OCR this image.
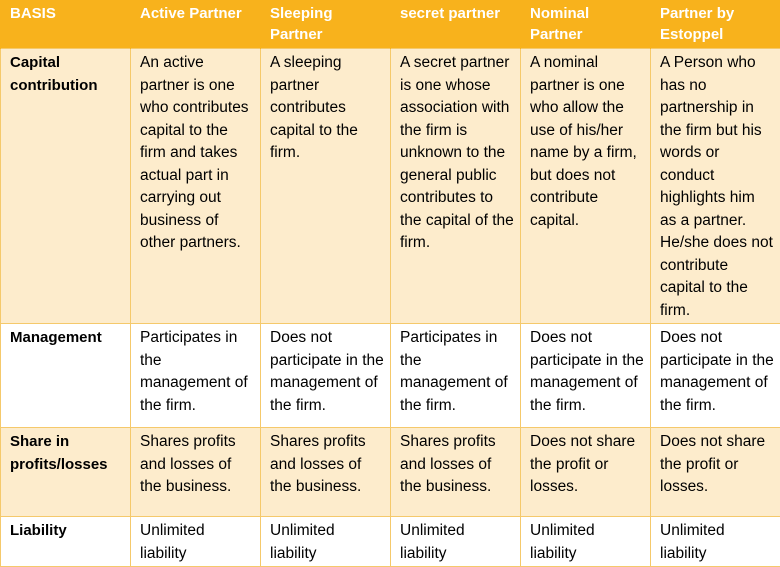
BASIS	Active Partner	Sleeping Partner	secret partner	Nominal Partner	Partner by Estoppel
Capital contribution	An active partner is one who contributes capital to the firm and takes actual part in carrying out business of other partners.	A sleeping partner contributes capital to the firm.	A secret partner is one whose association with the firm is unknown to the general public contributes to the capital of the firm.	A nominal partner is one who allow the use of his/her name by a firm, but does not contribute capital.	A Person who has no partnership in the firm but his words or conduct highlights him as a partner. He/she does not contribute capital to the firm.
Management	Participates in the management of the firm.	Does not participate in the management of the firm.	Participates in the management of the firm.	Does not participate in the management of the firm.	Does not participate in the management of the firm.
Share in profits/losses	Shares profits and losses of the business.	Shares profits and losses of the business.	Shares profits and losses of the business.	Does not share the profit or losses.	Does not share the profit or losses.
Liability	Unlimited liability	Unlimited liability	Unlimited liability	Unlimited liability	Unlimited liability
